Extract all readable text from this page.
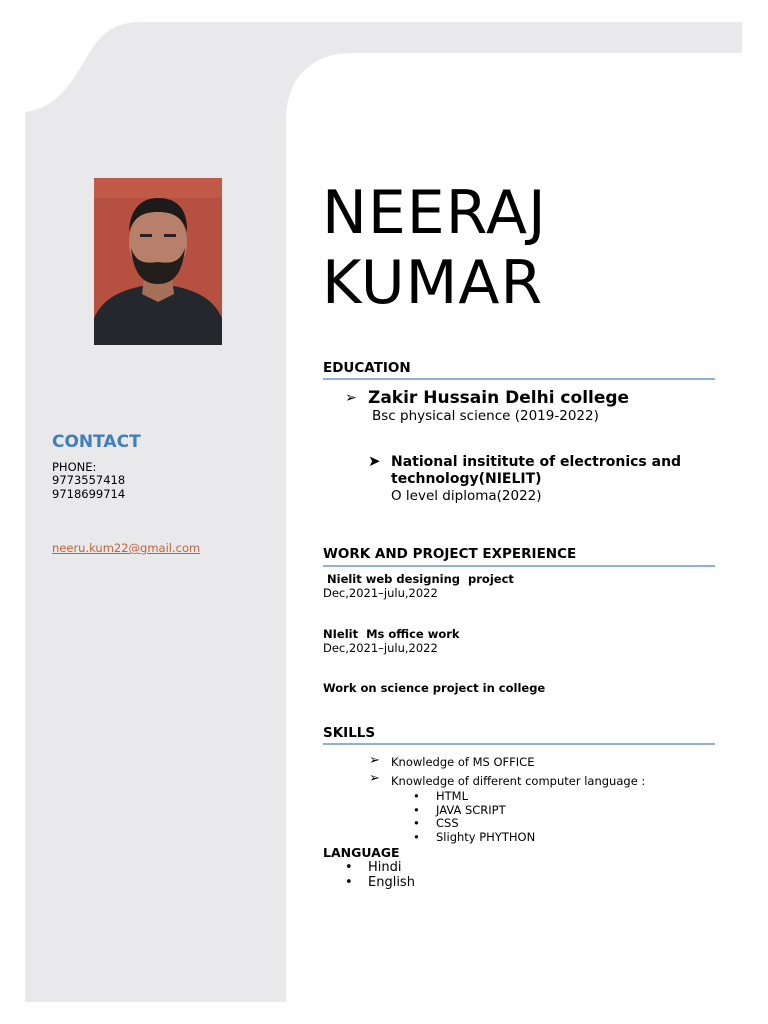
CONTACT
PHONE:
9773557418
9718699714
neeru.kum22@gmail.com
NEERAJ
KUMAR
EDUCATION
➢ Zakir Hussain Delhi college
Bsc physical science (2019-2022)
➤ National insititute of electronics and
technology(NIELIT)
O level diploma(2022)
WORK AND PROJECT EXPERIENCE
Nielit web designing  project
Dec,2021–julu,2022
NIelit  Ms office work
Dec,2021–julu,2022
Work on science project in college
SKILLS
➢ Knowledge of MS OFFICE
➢ Knowledge of different computer language :
• HTML
• JAVA SCRIPT
• CSS
• Slighty PHYTHON
LANGUAGE
• Hindi
• English
